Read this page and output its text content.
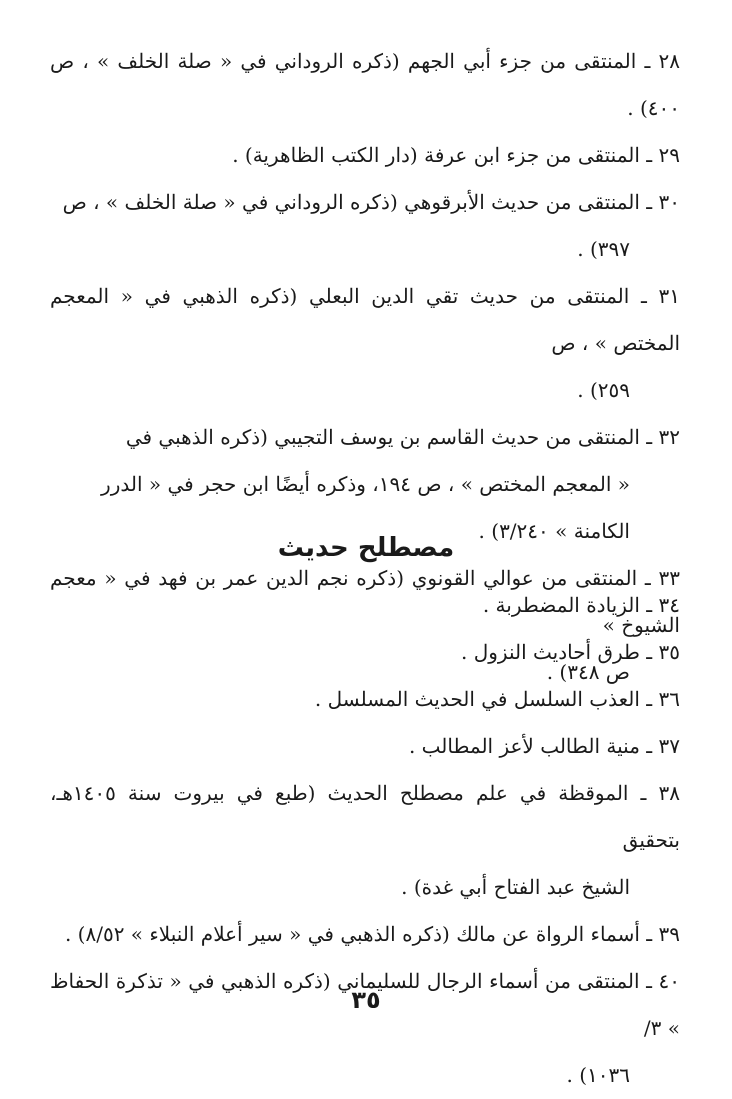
٢٨ ـ المنتقى من جزء أبي الجهم (ذكره الروداني في « صلة الخلف » ، ص ٤٠٠) .
٢٩ ـ المنتقى من جزء ابن عرفة (دار الكتب الظاهرية) .
٣٠ ـ المنتقى من حديث الأبرقوهي (ذكره الروداني في « صلة الخلف » ، ص
٣٩٧) .
٣١ ـ المنتقى من حديث تقي الدين البعلي (ذكره الذهبي في « المعجم المختص » ، ص
٢٥٩) .
٣٢ ـ المنتقى من حديث القاسم بن يوسف التجيبي (ذكره الذهبي في
« المعجم المختص » ، ص ١٩٤، وذكره أيضًا ابن حجر في « الدرر
الكامنة » ٣/٢٤٠) .
٣٣ ـ المنتقى من عوالي القونوي (ذكره نجم الدين عمر بن فهد في « معجم الشيوخ »
ص ٣٤٨) .
مصطلح حديث
٣٤ ـ الزيادة المضطربة .
٣٥ ـ طرق أحاديث النزول .
٣٦ ـ العذب السلسل في الحديث المسلسل .
٣٧ ـ منية الطالب لأعز المطالب .
٣٨ ـ الموقظة في علم مصطلح الحديث (طبع في بيروت سنة ١٤٠٥هـ، بتحقيق
الشيخ عبد الفتاح أبي غدة) .
٣٩ ـ أسماء الرواة عن مالك (ذكره الذهبي في « سير أعلام النبلاء » ٨/٥٢) .
٤٠ ـ المنتقى من أسماء الرجال للسليماني (ذكره الذهبي في « تذكرة الحفاظ » ٣/
١٠٣٦) .
٣٥
